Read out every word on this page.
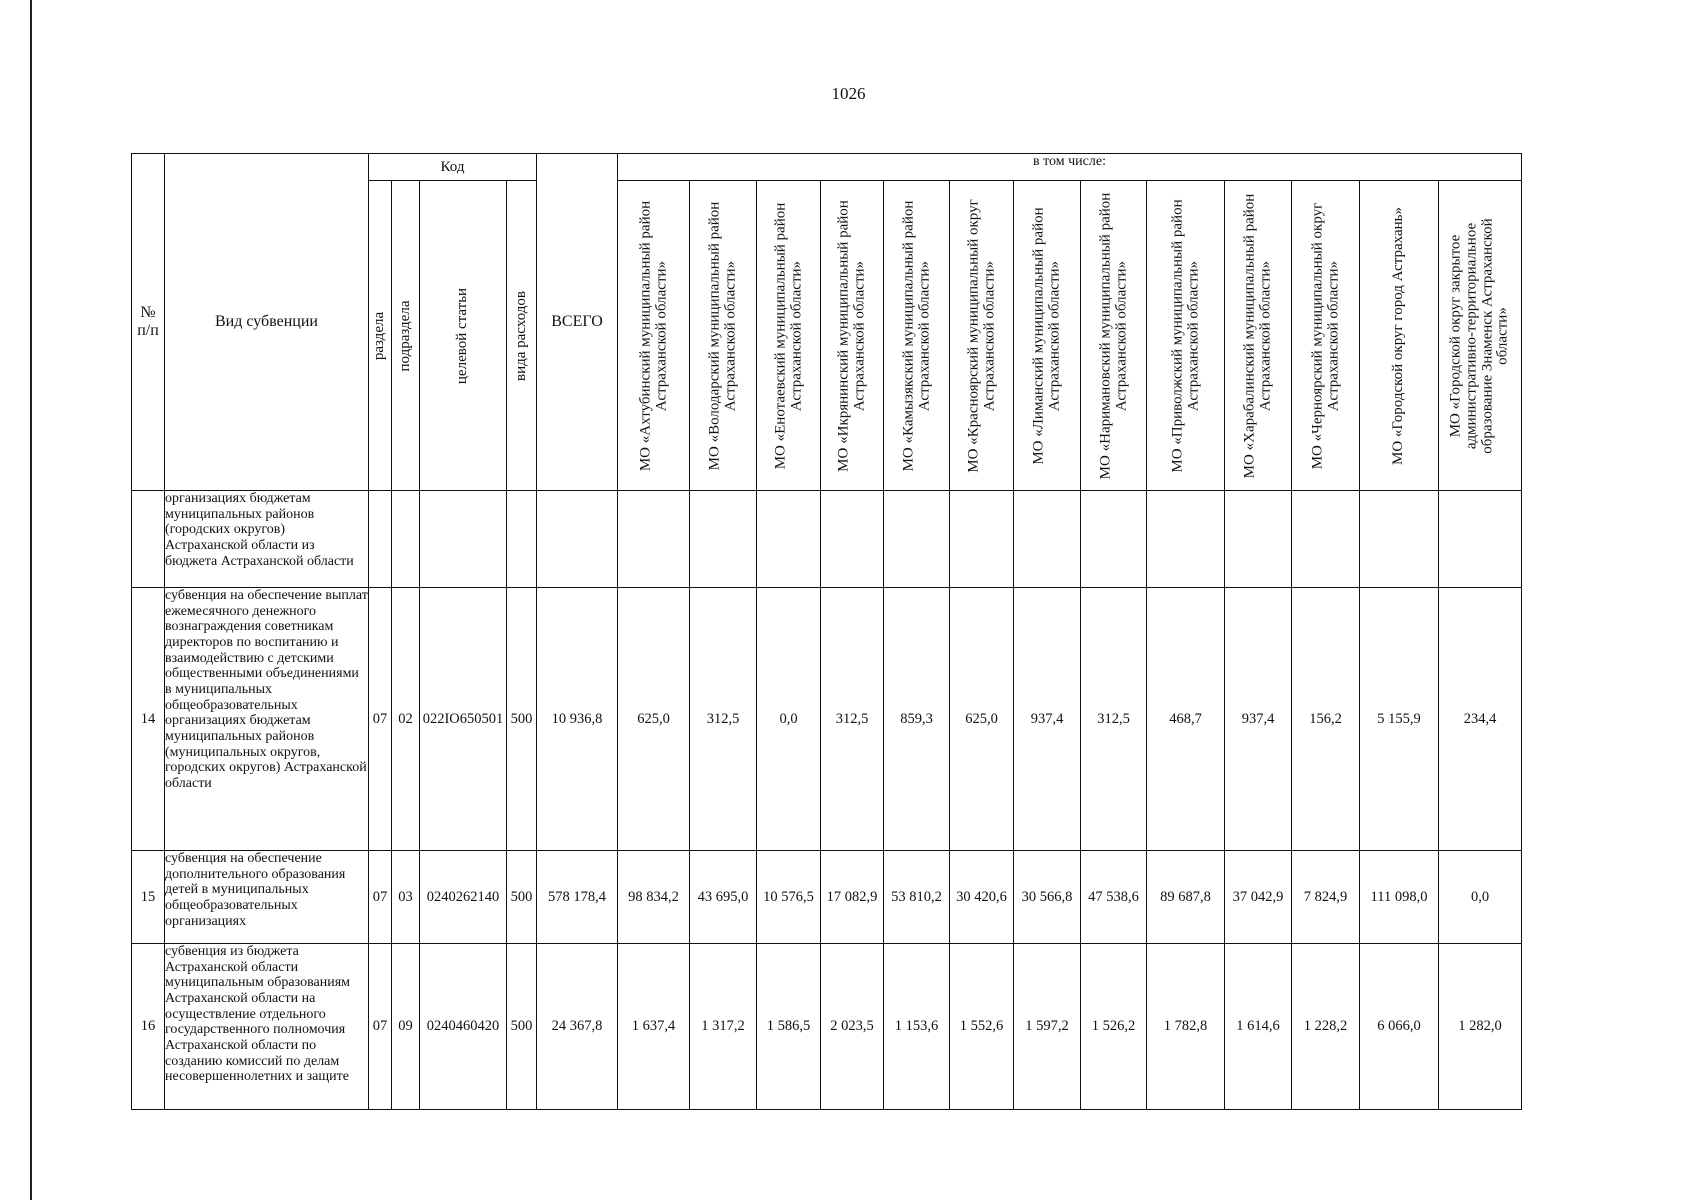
1026
№ п/п	Вид субвенции	Код				ВСЕГО	в том числе:												

		раздела	подраздела	целевой статьи	вида расходов		МО «Ахтубинский муниципальный район Астраханской области»	МО «Володарский муниципальный район Астраханской области»	МО «Енотаевский муниципальный район Астраханской области»	МО «Икрянинский муниципальный район Астраханской области»	МО «Камызякский муниципальный район Астраханской области»	МО «Красноярский муниципальный округ Астраханской области»	МО «Лиманский муниципальный район Астраханской области»	МО «Наримановский муниципальный район Астраханской области»	МО «Приволжский муниципальный район Астраханской области»	МО «Харабалинский муниципальный район Астраханской области»	МО «Черноярский муниципальный округ Астраханской области»	МО «Городской округ город Астрахань»	МО «Городской округ закрытое административно-территориальное образование Знаменск Астраханской области»

	организациях бюджетам муниципальных районов (городских округов) Астраханской области из бюджета Астраханской области																		
14	субвенция на обеспечение выплат ежемесячного денежного вознаграждения советникам директоров по воспитанию и взаимодействию с детскими общественными объединениями в муниципальных общеобразовательных организациях бюджетам муниципальных районов (муниципальных округов, городских округов) Астраханской области	07	02	022IO650501	500	10 936,8	625,0	312,5	0,0	312,5	859,3	625,0	937,4	312,5	468,7	937,4	156,2	5 155,9	234,4
15	субвенция на обеспечение дополнительного образования детей в муниципальных общеобразовательных организациях	07	03	0240262140	500	578 178,4	98 834,2	43 695,0	10 576,5	17 082,9	53 810,2	30 420,6	30 566,8	47 538,6	89 687,8	37 042,9	7 824,9	111 098,0	0,0
16	субвенция из бюджета Астраханской области муниципальным образованиям Астраханской области на осуществление отдельного государственного полномочия Астраханской области по созданию комиссий по делам несовершеннолетних и защите	07	09	0240460420	500	24 367,8	1 637,4	1 317,2	1 586,5	2 023,5	1 153,6	1 552,6	1 597,2	1 526,2	1 782,8	1 614,6	1 228,2	6 066,0	1 282,0
